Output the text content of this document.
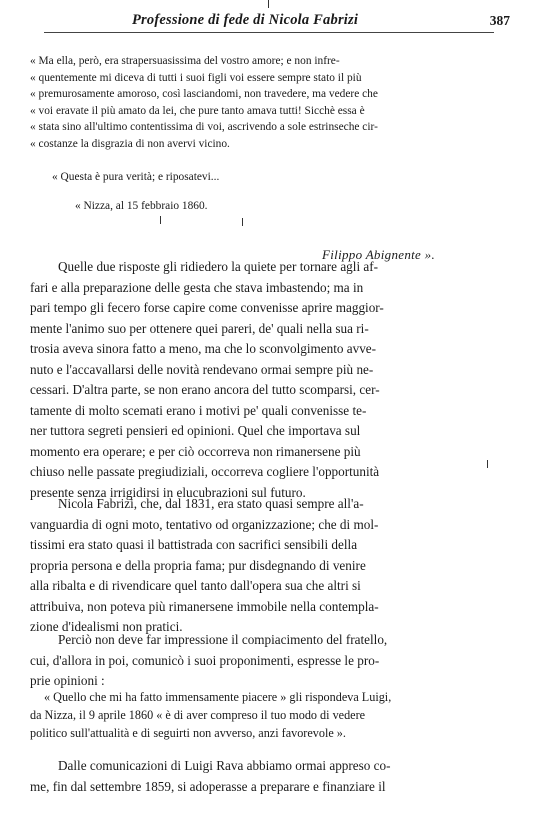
Professione di fede di Nicola Fabrizi	387
« Ma ella, però, era strapersuasissima del vostro amore; e non infre-
« quentemente mi diceva di tutti i suoi figli voi essere sempre stato il più
« premurosamente amoroso, così lasciandomi, non travedere, ma vedere che
« voi eravate il più amato da lei, che pure tanto amava tutti! Sicchè essa è
« stata sino all'ultimo contentissima di voi, ascrivendo a sole estrinseche cir-
« costanze la disgrazia di non avervi vicino.
« Questa è pura verità; e riposatevi...
« Nizza, al 15 febbraio 1860.
Filippo Abignente ».
Quelle due risposte gli ridiedero la quiete per tornare agli af-
fari e alla preparazione delle gesta che stava imbastendo; ma in
pari tempo gli fecero forse capire come convenisse aprire maggior-
mente l'animo suo per ottenere quei pareri, de' quali nella sua ri-
trosia aveva sinora fatto a meno, ma che lo sconvolgimento avve-
nuto e l'accavallarsi delle novità rendevano ormai sempre più ne-
cessari. D'altra parte, se non erano ancora del tutto scomparsi, cer-
tamente di molto scemati erano i motivi pe' quali convenisse te-
ner tuttora segreti pensieri ed opinioni. Quel che importava sul
momento era operare; e per ciò occorreva non rimanersene più
chiuso nelle passate pregiudiziali, occorreva cogliere l'opportunità
presente senza irrigidirsi in elucubrazioni sul futuro.
Nicola Fabrizi, che, dal 1831, era stato quasi sempre all'a-
vanguardia di ogni moto, tentativo od organizzazione; che di mol-
tissimi era stato quasi il battistrada con sacrifici sensibili della
propria persona e della propria fama; pur disdegnando di venire
alla ribalta e di rivendicare quel tanto dall'opera sua che altri si
attribuiva, non poteva più rimanersene immobile nella contempla-
zione d'idealismi non pratici.
Perciò non deve far impressione il compiacimento del fratello,
cui, d'allora in poi, comunicò i suoi proponimenti, espresse le pro-
prie opinioni :
« Quello che mi ha fatto immensamente piacere » gli rispondeva Luigi,
da Nizza, il 9 aprile 1860 « è di aver compreso il tuo modo di vedere
politico sull'attualità e di seguirti non avverso, anzi favorevole ».
Dalle comunicazioni di Luigi Rava abbiamo ormai appreso co-
me, fin dal settembre 1859, si adoperasse a preparare e finanziare il
